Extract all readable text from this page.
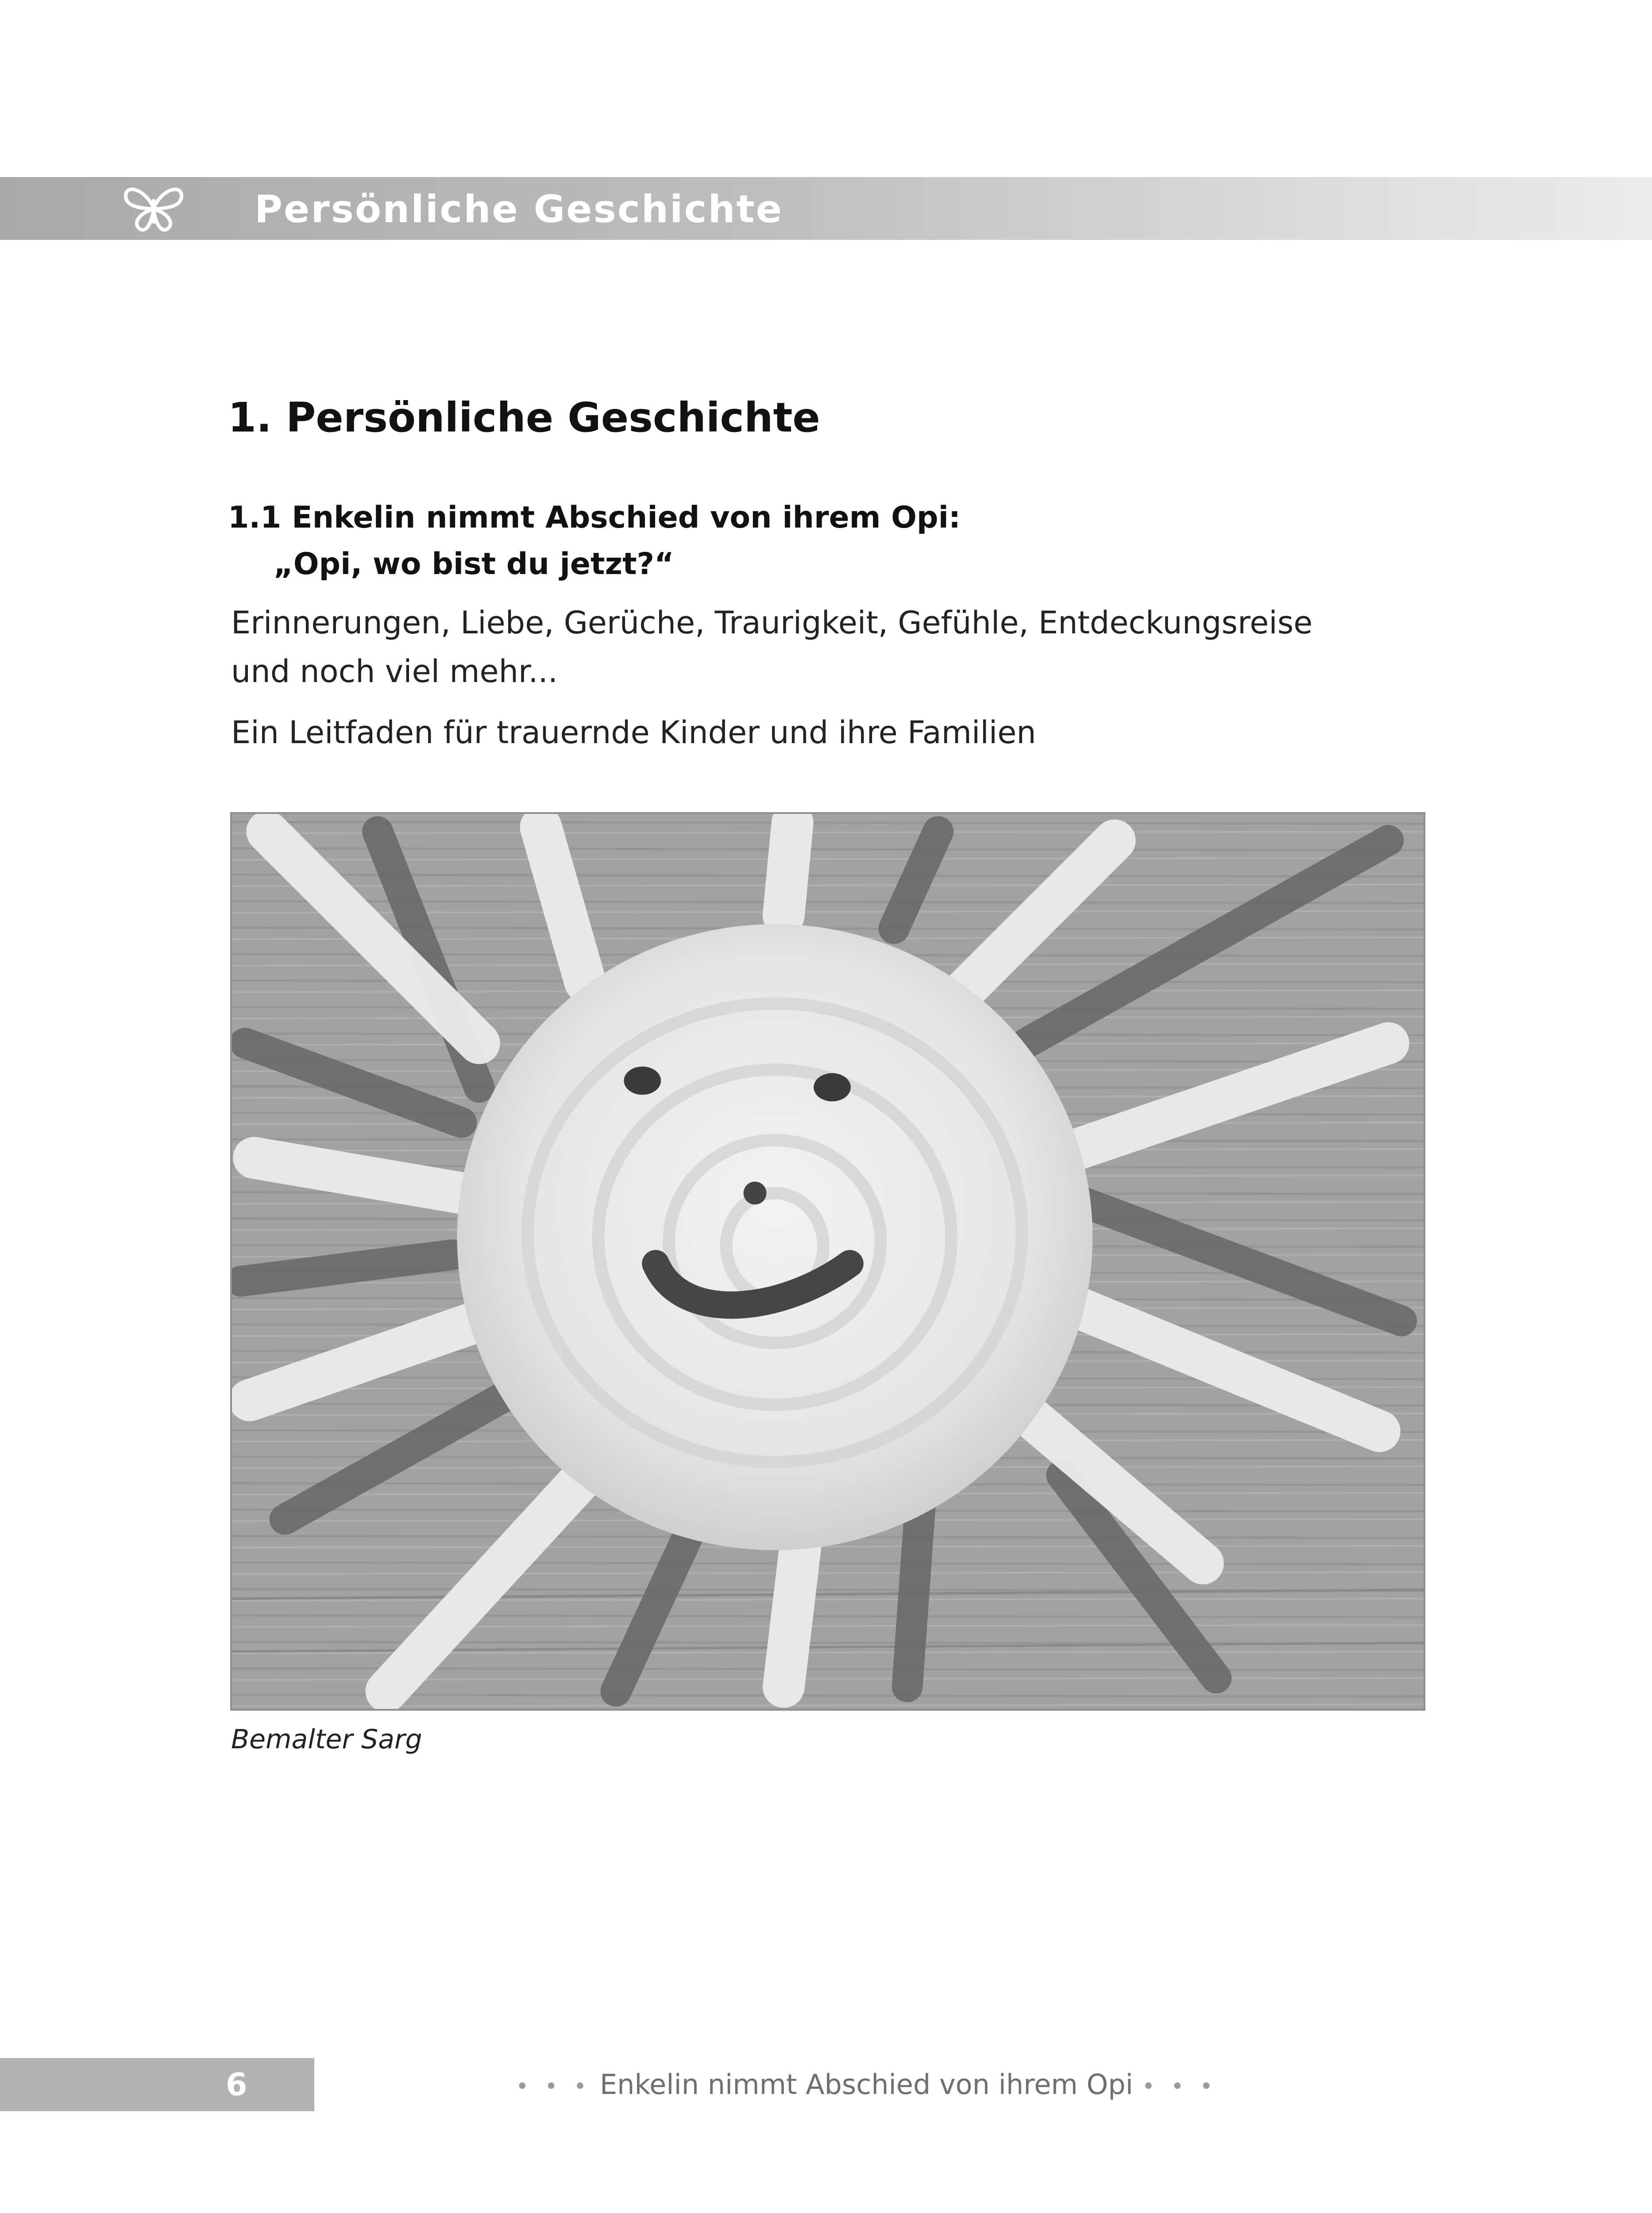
Persönliche Geschichte
1. Persönliche Geschichte
1.1 Enkelin nimmt Abschied von ihrem Opi:
„Opi, wo bist du jetzt?“
Erinnerungen, Liebe, Gerüche, Traurigkeit, Gefühle, Entdeckungsreise
und noch viel mehr...
Ein Leitfaden für trauernde Kinder und ihre Familien
Bemalter Sarg
6	• • • Enkelin nimmt Abschied von ihrem Opi • • •
